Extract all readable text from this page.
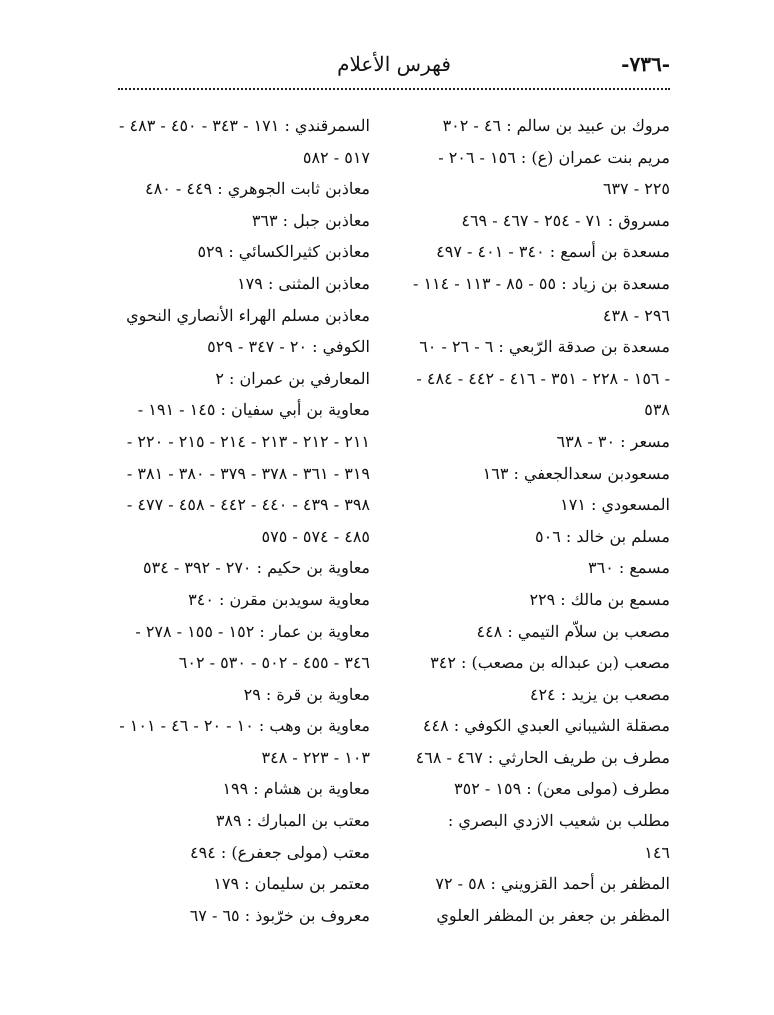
-٧٣٦-
فهرس الأعلام
مروك بن عبيد بن سالم : ٤٦ - ٣٠٢
مريم بنت عمران (ع) : ١٥٦ - ٢٠٦ -
٢٢٥ - ٦٣٧
مسروق : ٧١ - ٢٥٤ - ٤٦٧ - ٤٦٩
مسعدة بن أسمع : ٣٤٠ - ٤٠١ - ٤٩٧
مسعدة بن زياد : ٥٥ - ٨٥ - ١١٣ - ١١٤ -
٢٩٦ - ٤٣٨
مسعدة بن صدقة الرّبعي : ٦ - ٢٦ - ٦٠
- ١٥٦ - ٢٢٨ - ٣٥١ - ٤١٦ - ٤٤٢ - ٤٨٤ -
٥٣٨
مسعر : ٣٠ - ٦٣٨
مسعودبن سعدالجعفي : ١٦٣
المسعودي : ١٧١
مسلم بن خالد : ٥٠٦
مسمع : ٣٦٠
مسمع بن مالك : ٢٢٩
مصعب بن سلاّم التيمي : ٤٤٨
مصعب (بن عبداله بن مصعب) : ٣٤٢
مصعب بن يزيد : ٤٢٤
مصقلة الشيباني العبدي الكوفي : ٤٤٨
مطرف بن طريف الحارثي : ٤٦٧ - ٤٦٨
مطرف (مولى معن) : ١٥٩ - ٣٥٢
مطلب بن شعيب الازدي البصري :
١٤٦
المظفر بن أحمد القزويني : ٥٨ - ٧٢
المظفر بن جعفر بن المظفر العلوي
السمرقندي : ١٧١ - ٣٤٣ - ٤٥٠ - ٤٨٣ -
٥١٧ - ٥٨٢
معاذبن ثابت الجوهري : ٤٤٩ - ٤٨٠
معاذبن جبل : ٣٦٣
معاذبن كثيرالكسائي : ٥٢٩
معاذبن المثنى : ١٧٩
معاذبن مسلم الهراء الأنصاري النحوي
الكوفي : ٢٠ - ٣٤٧ - ٥٢٩
المعارفي بن عمران : ٢
معاوية بن أبي سفيان : ١٤٥ - ١٩١ -
٢١١ - ٢١٢ - ٢١٣ - ٢١٤ - ٢١٥ - ٢٢٠ -
٣١٩ - ٣٦١ - ٣٧٨ - ٣٧٩ - ٣٨٠ - ٣٨١ -
٣٩٨ - ٤٣٩ - ٤٤٠ - ٤٤٢ - ٤٥٨ - ٤٧٧ -
٤٨٥ - ٥٧٤ - ٥٧٥
معاوية بن حكيم : ٢٧٠ - ٣٩٢ - ٥٣٤
معاوية سويدبن مقرن : ٣٤٠
معاوية بن عمار : ١٥٢ - ١٥٥ - ٢٧٨ -
٣٤٦ - ٤٥٥ - ٥٠٢ - ٥٣٠ - ٦٠٢
معاوية بن قرة : ٢٩
معاوية بن وهب : ١٠ - ٢٠ - ٤٦ - ١٠١ -
١٠٣ - ٢٢٣ - ٣٤٨
معاوية بن هشام : ١٩٩
معتب بن المبارك : ٣٨٩
معتب (مولى جعفرع) : ٤٩٤
معتمر بن سليمان : ١٧٩
معروف بن خرّبوذ : ٦٥ - ٦٧
